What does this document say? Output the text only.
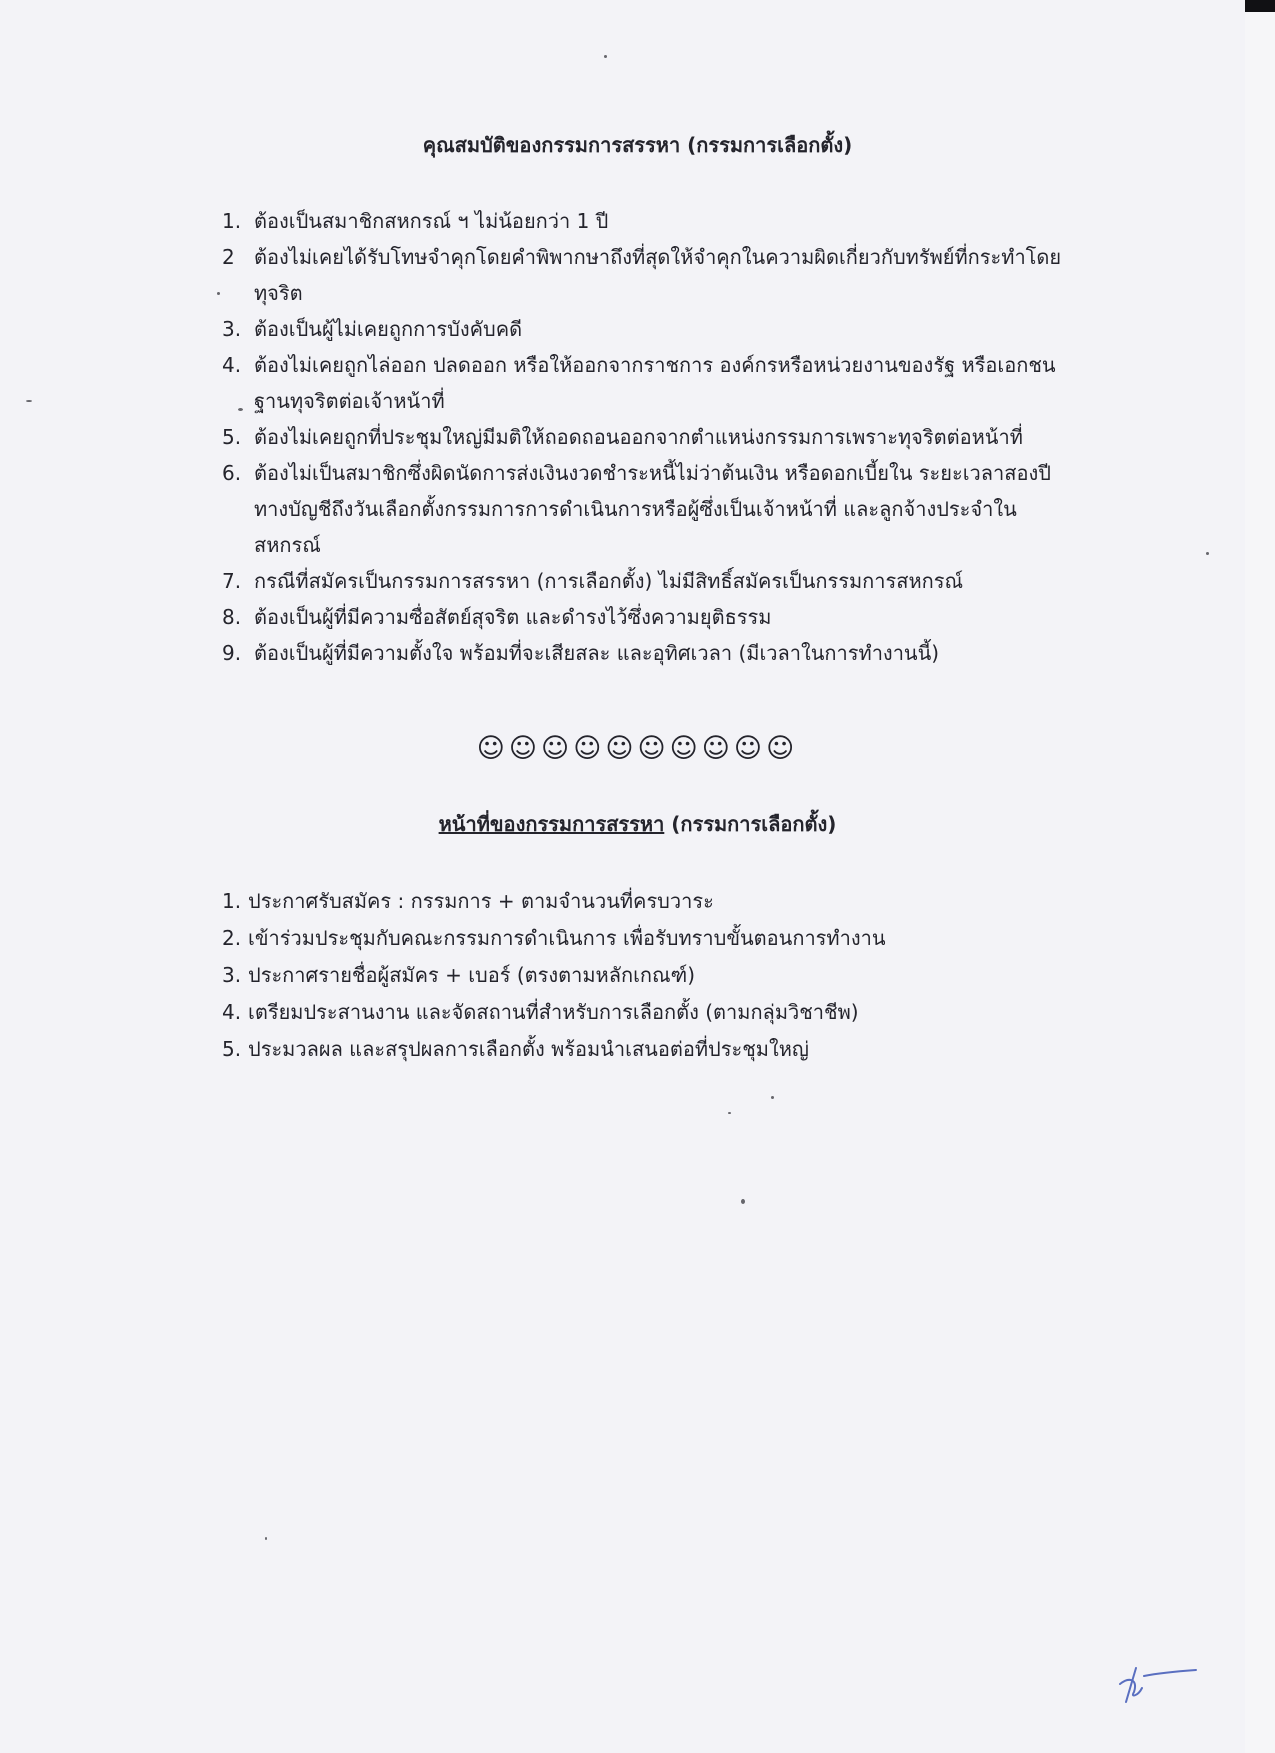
คุณสมบัติของกรรมการสรรหา (กรรมการเลือกตั้ง)
1. ต้องเป็นสมาชิกสหกรณ์ ฯ ไม่น้อยกว่า 1 ปี
2 ต้องไม่เคยได้รับโทษจำคุกโดยคำพิพากษาถึงที่สุดให้จำคุกในความผิดเกี่ยวกับทรัพย์ที่กระทำโดยทุจริต
3. ต้องเป็นผู้ไม่เคยถูกการบังคับคดี
4. ต้องไม่เคยถูกไล่ออก ปลดออก หรือให้ออกจากราชการ องค์กรหรือหน่วยงานของรัฐ หรือเอกชนฐานทุจริตต่อเจ้าหน้าที่
5. ต้องไม่เคยถูกที่ประชุมใหญ่มีมติให้ถอดถอนออกจากตำแหน่งกรรมการเพราะทุจริตต่อหน้าที่
6. ต้องไม่เป็นสมาชิกซึ่งผิดนัดการส่งเงินงวดชำระหนี้ไม่ว่าต้นเงิน หรือดอกเบี้ยใน ระยะเวลาสองปีทางบัญชีถึงวันเลือกตั้งกรรมการการดำเนินการหรือผู้ซึ่งเป็นเจ้าหน้าที่ และลูกจ้างประจำใน สหกรณ์
7. กรณีที่สมัครเป็นกรรมการสรรหา (การเลือกตั้ง) ไม่มีสิทธิ์สมัครเป็นกรรมการสหกรณ์
8. ต้องเป็นผู้ที่มีความซื่อสัตย์สุจริต และดำรงไว้ซึ่งความยุติธรรม
9. ต้องเป็นผู้ที่มีความตั้งใจ พร้อมที่จะเสียสละ และอุทิศเวลา (มีเวลาในการทำงานนี้)
☺☺☺☺☺☺☺☺☺☺
หน้าที่ของกรรมการสรรหา (กรรมการเลือกตั้ง)
1. ประกาศรับสมัคร : กรรมการ + ตามจำนวนที่ครบวาระ
2. เข้าร่วมประชุมกับคณะกรรมการดำเนินการ เพื่อรับทราบขั้นตอนการทำงาน
3. ประกาศรายชื่อผู้สมัคร + เบอร์ (ตรงตามหลักเกณฑ์)
4. เตรียมประสานงาน และจัดสถานที่สำหรับการเลือกตั้ง (ตามกลุ่มวิชาชีพ)
5. ประมวลผล และสรุปผลการเลือกตั้ง พร้อมนำเสนอต่อที่ประชุมใหญ่
